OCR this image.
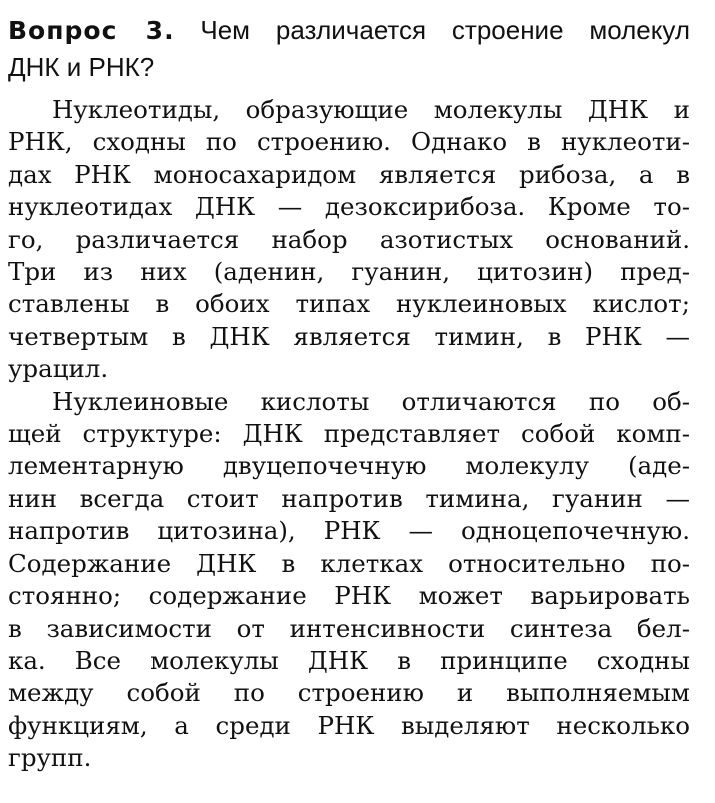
Вопрос 3. Чем различается строение молекул
ДНК и РНК?
Нуклеотиды, образующие молекулы ДНК и
РНК, сходны по строению. Однако в нуклеоти-
дах РНК моносахаридом является рибоза, а в
нуклеотидах ДНК — дезоксирибоза. Кроме то-
го, различается набор азотистых оснований.
Три из них (аденин, гуанин, цитозин) пред-
ставлены в обоих типах нуклеиновых кислот;
четвертым в ДНК является тимин, в РНК —
урацил.
Нуклеиновые кислоты отличаются по об-
щей структуре: ДНК представляет собой комп-
лементарную двуцепочечную молекулу (аде-
нин всегда стоит напротив тимина, гуанин —
напротив цитозина), РНК — одноцепочечную.
Содержание ДНК в клетках относительно по-
стоянно; содержание РНК может варьировать
в зависимости от интенсивности синтеза бел-
ка. Все молекулы ДНК в принципе сходны
между собой по строению и выполняемым
функциям, а среди РНК выделяют несколько
групп.
